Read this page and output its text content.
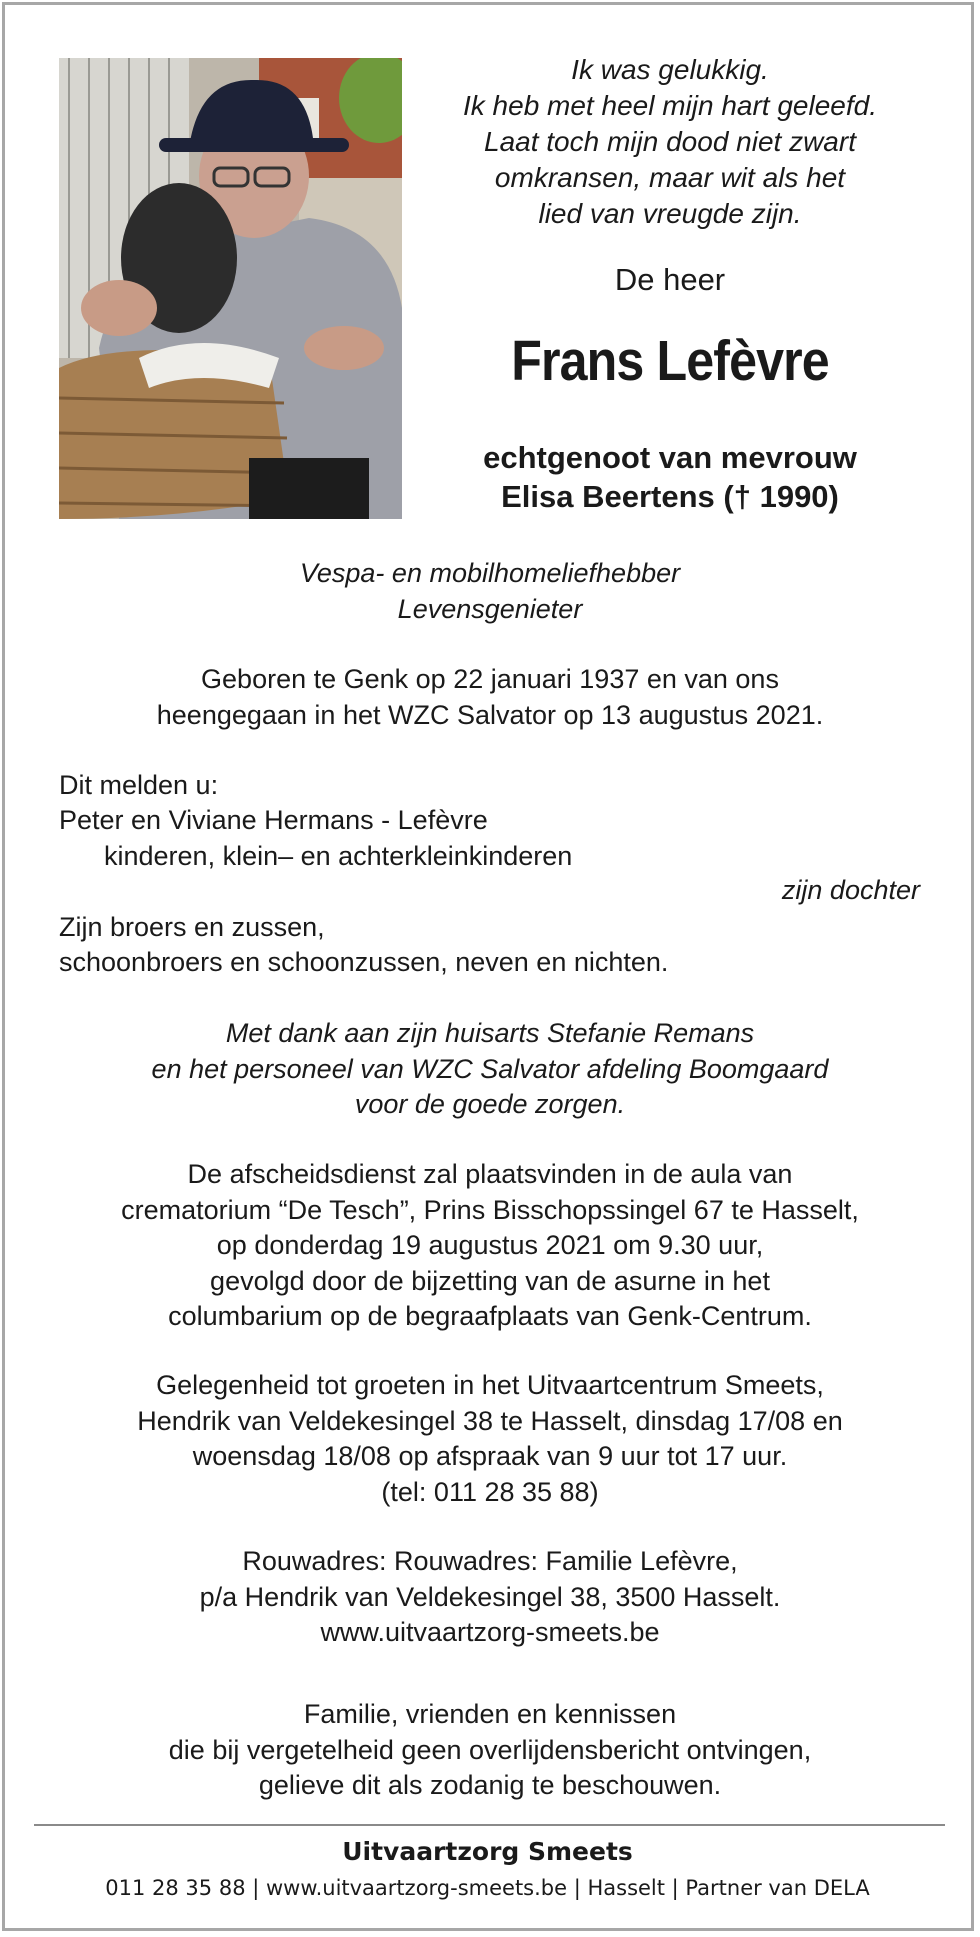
Ik was gelukkig.
Ik heb met heel mijn hart geleefd.
Laat toch mijn dood niet zwart
omkransen, maar wit als het
lied van vreugde zijn.
De heer
Frans Lefèvre
echtgenoot van mevrouw
Elisa Beertens († 1990)
Vespa- en mobilhomeliefhebber
Levensgenieter
Geboren te Genk op 22 januari 1937 en van ons
heengegaan in het WZC Salvator op 13 augustus 2021.
Dit melden u:
Peter en Viviane Hermans - Lefèvre
kinderen, klein– en achterkleinkinderen
zijn dochter
Zijn broers en zussen,
schoonbroers en schoonzussen, neven en nichten.
Met dank aan zijn huisarts Stefanie Remans
en het personeel van WZC Salvator afdeling Boomgaard
voor de goede zorgen.
De afscheidsdienst zal plaatsvinden in de aula van
crematorium “De Tesch”, Prins Bisschopssingel 67 te Hasselt,
op donderdag 19 augustus 2021 om 9.30 uur,
gevolgd door de bijzetting van de asurne in het
columbarium op de begraafplaats van Genk-Centrum.
Gelegenheid tot groeten in het Uitvaartcentrum Smeets,
Hendrik van Veldekesingel 38 te Hasselt, dinsdag 17/08 en
woensdag 18/08 op afspraak van 9 uur tot 17 uur.
(tel: 011 28 35 88)
Rouwadres: Rouwadres: Familie Lefèvre,
p/a Hendrik van Veldekesingel 38, 3500 Hasselt.
www.uitvaartzorg-smeets.be
Familie, vrienden en kennissen
die bij vergetelheid geen overlijdensbericht ontvingen,
gelieve dit als zodanig te beschouwen.
Uitvaartzorg Smeets
011 28 35 88 | www.uitvaartzorg-smeets.be | Hasselt | Partner van DELA
